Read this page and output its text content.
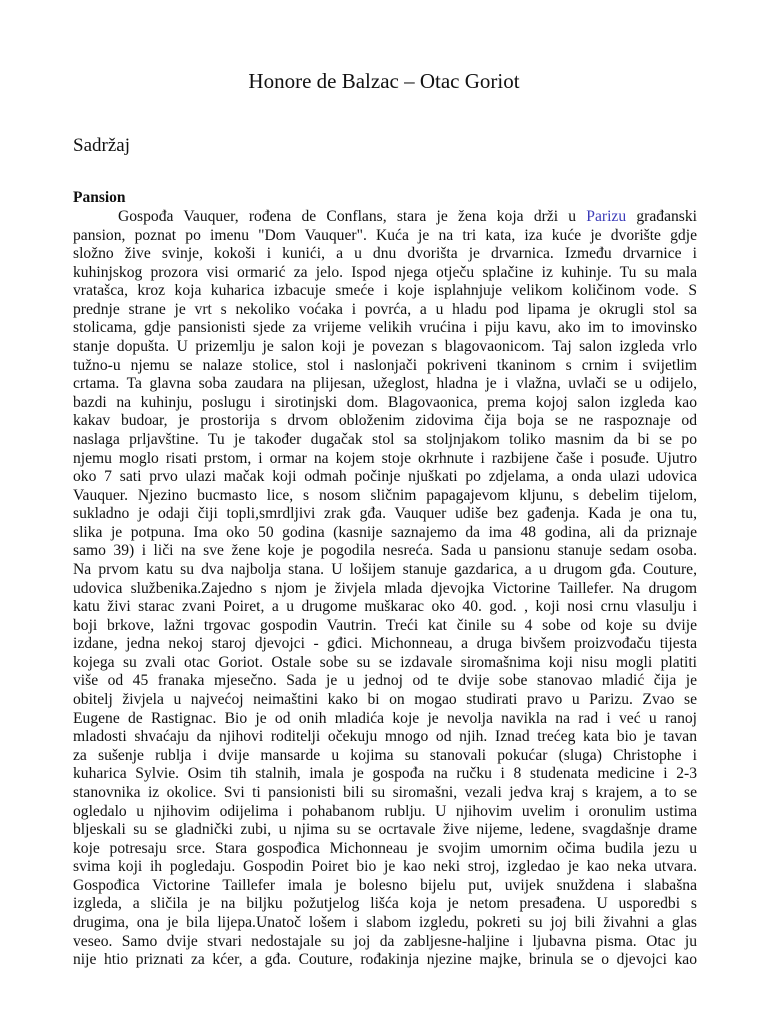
Honore de Balzac – Otac Goriot
Sadržaj
Pansion
Gospođa Vauquer, rođena de Conflans, stara je žena koja drži u Parizu građanski
pansion, poznat po imenu "Dom Vauquer". Kuća je na tri kata, iza kuće je dvorište gdje
složno žive svinje, kokoši i kunići, a u dnu dvorišta je drvarnica. Između drvarnice i
kuhinjskog prozora visi ormarić za jelo. Ispod njega otječu splačine iz kuhinje. Tu su mala
vratašca, kroz koja kuharica izbacuje smeće i koje isplahnjuje velikom količinom vode. S
prednje strane je vrt s nekoliko voćaka i povrća, a u hladu pod lipama je okrugli stol sa
stolicama, gdje pansionisti sjede za vrijeme velikih vrućina i piju kavu, ako im to imovinsko
stanje dopušta. U prizemlju je salon koji je povezan s blagovaonicom. Taj salon izgleda vrlo
tužno-u njemu se nalaze stolice, stol i naslonjači pokriveni tkaninom s crnim i svijetlim
crtama. Ta glavna soba zaudara na plijesan, užeglost, hladna je i vlažna, uvlači se u odijelo,
bazdi na kuhinju, poslugu i sirotinjski dom. Blagovaonica, prema kojoj salon izgleda kao
kakav budoar, je prostorija s drvom obloženim zidovima čija boja se ne raspoznaje od
naslaga prljavštine. Tu je također dugačak stol sa stoljnjakom toliko masnim da bi se po
njemu moglo risati prstom, i ormar na kojem stoje okrhnute i razbijene čaše i posuđe. Ujutro
oko 7 sati prvo ulazi mačak koji odmah počinje njuškati po zdjelama, a onda ulazi udovica
Vauquer. Njezino bucmasto lice, s nosom sličnim papagajevom kljunu, s debelim tijelom,
sukladno je odaji čiji topli,smrdljivi zrak gđa. Vauquer udiše bez gađenja. Kada je ona tu,
slika je potpuna. Ima oko 50 godina (kasnije saznajemo da ima 48 godina, ali da priznaje
samo 39) i liči na sve žene koje je pogodila nesreća. Sada u pansionu stanuje sedam osoba.
Na prvom katu su dva najbolja stana. U lošijem stanuje gazdarica, a u drugom gđa. Couture,
udovica službenika.Zajedno s njom je živjela mlada djevojka Victorine Taillefer. Na drugom
katu živi starac zvani Poiret, a u drugome muškarac oko 40. god. , koji nosi crnu vlasulju i
boji brkove, lažni trgovac gospodin Vautrin. Treći kat činile su 4 sobe od koje su dvije
izdane, jedna nekoj staroj djevojci - gđici. Michonneau, a druga bivšem proizvođaču tijesta
kojega su zvali otac Goriot. Ostale sobe su se izdavale siromašnima koji nisu mogli platiti
više od 45 franaka mjesečno. Sada je u jednoj od te dvije sobe stanovao mladić čija je
obitelj živjela u najvećoj neimaštini kako bi on mogao studirati pravo u Parizu. Zvao se
Eugene de Rastignac. Bio je od onih mladića koje je nevolja navikla na rad i već u ranoj
mladosti shvaćaju da njihovi roditelji očekuju mnogo od njih. Iznad trećeg kata bio je tavan
za sušenje rublja i dvije mansarde u kojima su stanovali pokućar (sluga) Christophe i
kuharica Sylvie. Osim tih stalnih, imala je gospođa na ručku i 8 studenata medicine i 2-3
stanovnika iz okolice. Svi ti pansionisti bili su siromašni, vezali jedva kraj s krajem, a to se
ogledalo u njihovim odijelima i pohabanom rublju. U njihovim uvelim i oronulim ustima
bljeskali su se gladnički zubi, u njima su se ocrtavale žive nijeme, ledene, svagdašnje drame
koje potresaju srce. Stara gospođica Michonneau je svojim umornim očima budila jezu u
svima koji ih pogledaju. Gospodin Poiret bio je kao neki stroj, izgledao je kao neka utvara.
Gospođica Victorine Taillefer imala je bolesno bijelu put, uvijek snuždena i slabašna
izgleda, a sličila je na biljku požutjelog lišća koja je netom presađena. U usporedbi s
drugima, ona je bila lijepa.Unatoč lošem i slabom izgledu, pokreti su joj bili živahni a glas
veseo. Samo dvije stvari nedostajale su joj da zabljesne-haljine i ljubavna pisma. Otac ju
nije htio priznati za kćer, a gđa. Couture, rođakinja njezine majke, brinula se o djevojci kao
